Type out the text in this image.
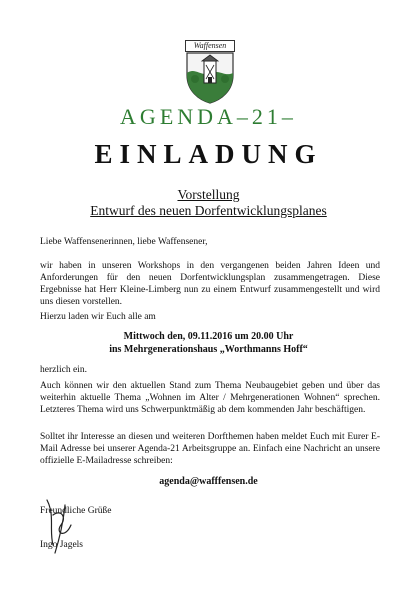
Waffensen
AGENDA–21–
EINLADUNG
Vorstellung
Entwurf des neuen Dorfentwicklungsplanes
Liebe Waffensenerinnen, liebe Waffensener,
wir haben in unseren Workshops in den vergangenen beiden Jahren Ideen und Anforderungen für den neuen Dorfentwicklungsplan zusammengetragen. Diese Ergebnisse hat Herr Kleine-Limberg nun zu einem Entwurf zusammengestellt und wird uns diesen vorstellen.
Hierzu laden wir Euch alle am
Mittwoch den, 09.11.2016 um 20.00 Uhr
ins Mehrgenerationshaus „Worthmanns Hoff“
herzlich ein.
Auch können wir den aktuellen Stand zum Thema Neubaugebiet geben und über das weiterhin aktuelle Thema „Wohnen im Alter / Mehrgenerationen Wohnen“ sprechen. Letzteres Thema wird uns Schwerpunktmäßig ab dem kommenden Jahr beschäftigen.
Solltet ihr Interesse an diesen und weiteren Dorfthemen haben meldet Euch mit Eurer E-Mail Adresse bei unserer Agenda-21 Arbeitsgruppe an. Einfach eine Nachricht an unsere offizielle E-Mailadresse schreiben:
agenda@wafffensen.de
Freundliche Grüße
Ingo Jagels
